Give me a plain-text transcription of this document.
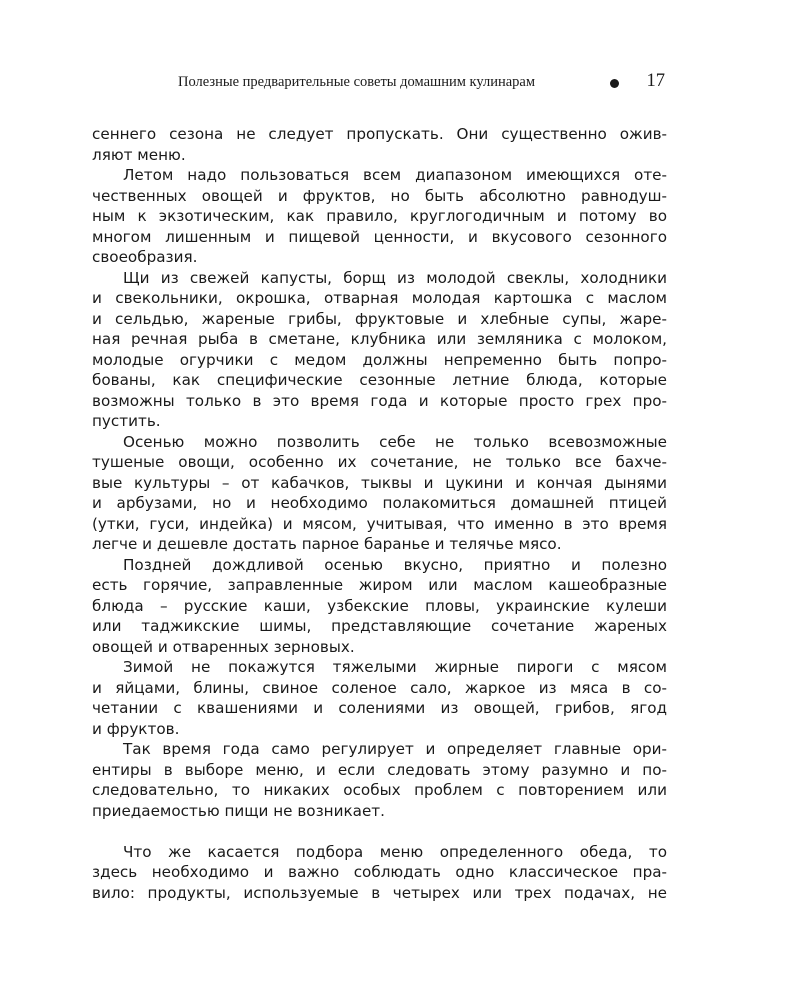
Полезные предварительные советы домашним кулинарам	17
сеннего сезона не следует пропускать. Они существенно ожив-
ляют меню.
Летом надо пользоваться всем диапазоном имеющихся оте-
чественных овощей и фруктов, но быть абсолютно равнодуш-
ным к экзотическим, как правило, круглогодичным и потому во
многом лишенным и пищевой ценности, и вкусового сезонного
своеобразия.
Щи из свежей капусты, борщ из молодой свеклы, холодники
и свекольники, окрошка, отварная молодая картошка с маслом
и сельдью, жареные грибы, фруктовые и хлебные супы, жаре-
ная речная рыба в сметане, клубника или земляника с молоком,
молодые огурчики с медом должны непременно быть попро-
бованы, как специфические сезонные летние блюда, которые
возможны только в это время года и которые просто грех про-
пустить.
Осенью можно позволить себе не только всевозможные
тушеные овощи, особенно их сочетание, не только все бахче-
вые культуры – от кабачков, тыквы и цукини и кончая дынями
и арбузами, но и необходимо полакомиться домашней птицей
(утки, гуси, индейка) и мясом, учитывая, что именно в это время
легче и дешевле достать парное баранье и телячье мясо.
Поздней дождливой осенью вкусно, приятно и полезно
есть горячие, заправленные жиром или маслом кашеобразные
блюда – русские каши, узбекские пловы, украинские кулеши
или таджикские шимы, представляющие сочетание жареных
овощей и отваренных зерновых.
Зимой не покажутся тяжелыми жирные пироги с мясом
и яйцами, блины, свиное соленое сало, жаркое из мяса в со-
четании с квашениями и солениями из овощей, грибов, ягод
и фруктов.
Так время года само регулирует и определяет главные ори-
ентиры в выборе меню, и если следовать этому разумно и по-
следовательно, то никаких особых проблем с повторением или
приедаемостью пищи не возникает.
Что же касается подбора меню определенного обеда, то
здесь необходимо и важно соблюдать одно классическое пра-
вило: продукты, используемые в четырех или трех подачах, не
